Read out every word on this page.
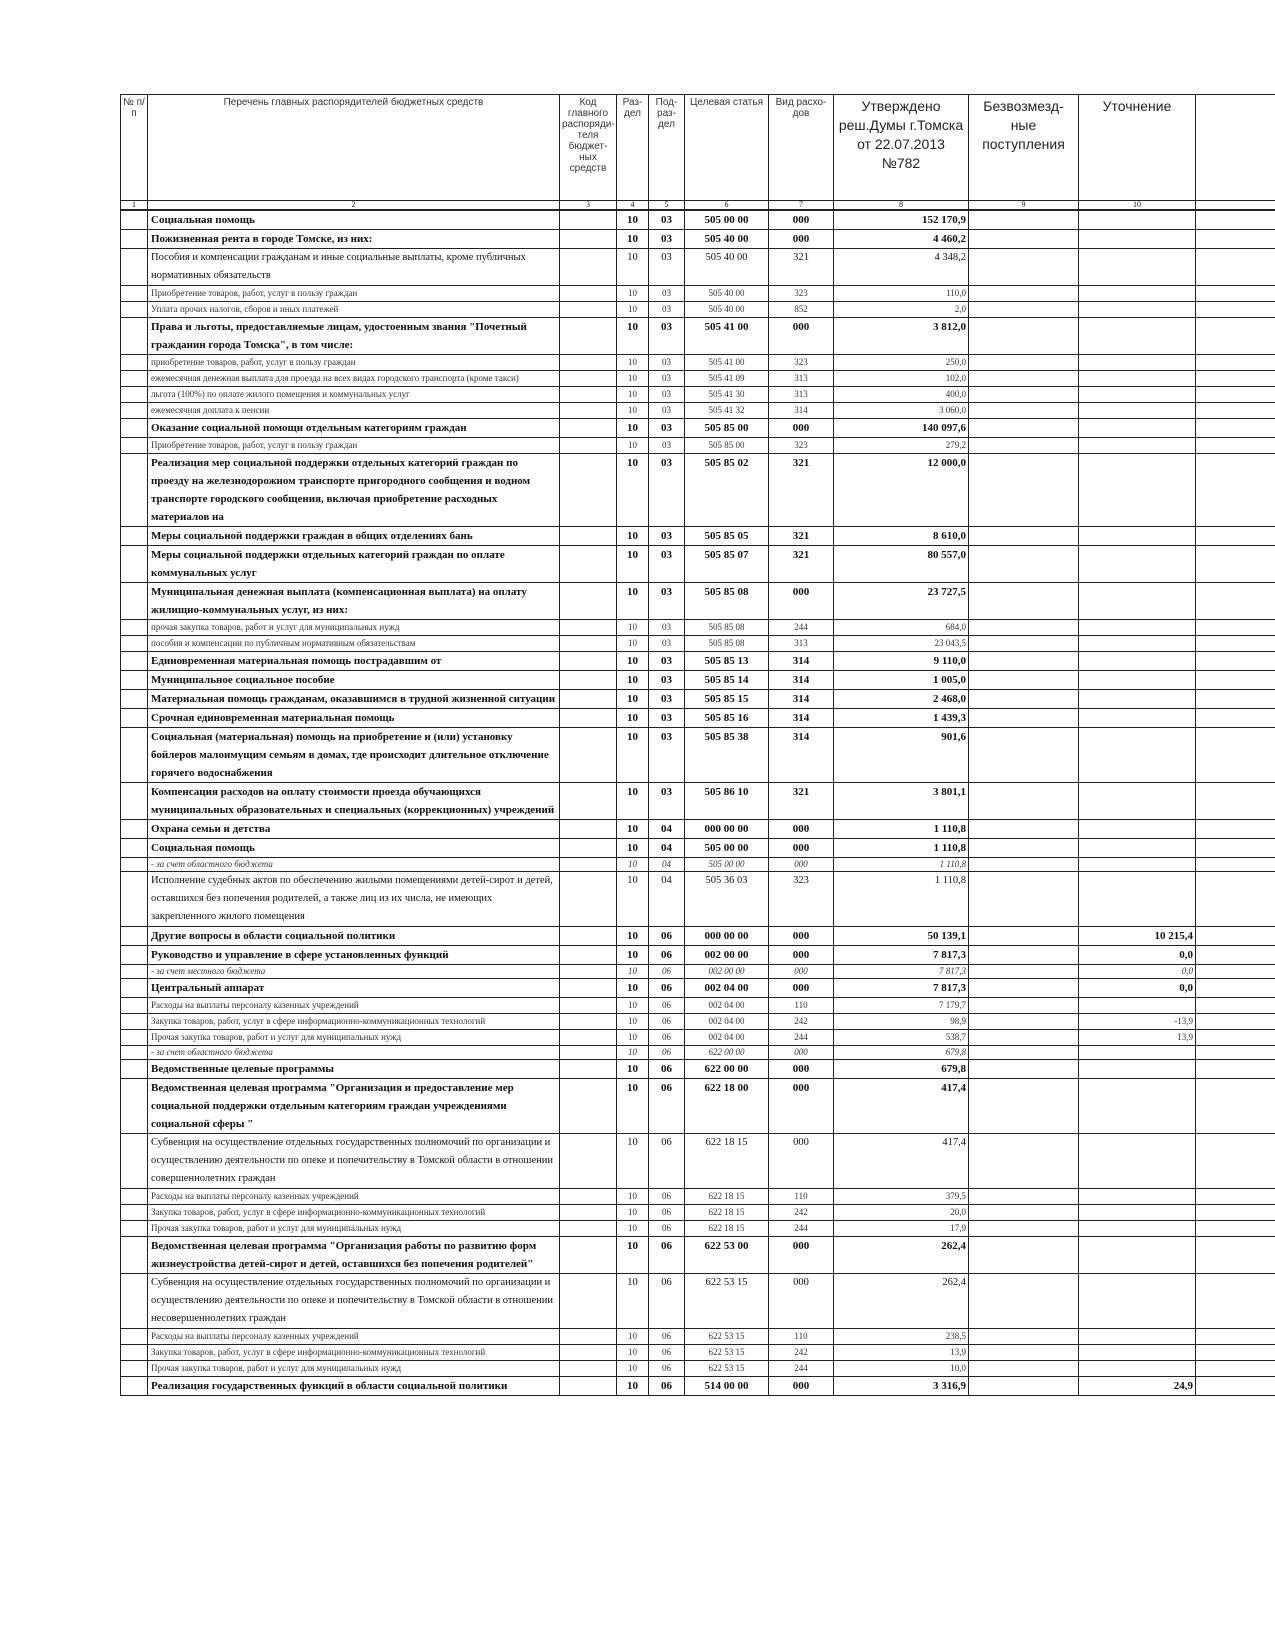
№ п/п	Перечень главных распорядителей бюджетных средств	Код главного распоряди-теля бюджет-ных средств	Раз-дел	Под-раз-дел	Целевая статья	Вид расхо-дов	Утверждено реш.Думы г.Томска от 22.07.2013 №782	Безвозмезд-ные поступления	Уточнение	
1	2	3	4	5	6	7	8	9	10	
	Социальная помощь		10	03	505 00 00	000	152 170,9			
	Пожизненная рента в городе Томске, из них:		10	03	505 40 00	000	4 460,2			
	Пособия и компенсации гражданам и иные социальные выплаты, кроме публичных нормативных обязательств		10	03	505 40 00	321	4 348,2			
	Приобретение товаров, работ, услуг в пользу граждан		10	03	505 40 00	323	110,0			
	Уплата прочих налогов, сборов и иных платежей		10	03	505 40 00	852	2,0			
	Права и льготы, предоставляемые лицам, удостоенным звания "Почетный гражданин города Томска", в том числе:		10	03	505 41 00	000	3 812,0			
	приобретение товаров, работ, услуг в пользу граждан		10	03	505 41 00	323	250,0			
	ежемесячная денежная выплата для проезда на всех видах городского транспорта (кроме такси)		10	03	505 41 09	313	102,0			
	льгота (100%) по оплате жилого помещения и коммунальных услуг		10	03	505 41 30	313	400,0			
	ежемесячная доплата к пенсии		10	03	505 41 32	314	3 060,0			
	Оказание социальной помощи отдельным категориям граждан		10	03	505 85 00	000	140 097,6			
	Приобретение товаров, работ, услуг в пользу граждан		10	03	505 85 00	323	279,2			
	Реализация мер социальной поддержки отдельных категорий граждан по проезду на железнодорожном транспорте пригородного сообщения и водном транспорте городского сообщения, включая приобретение расходных материалов на		10	03	505 85 02	321	12 000,0			
	Меры социальной поддержки граждан в общих отделениях бань		10	03	505 85 05	321	8 610,0			
	Меры социальной поддержки отдельных категорий граждан по оплате коммунальных услуг		10	03	505 85 07	321	80 557,0			
	Муниципальная денежная выплата (компенсационная выплата) на оплату жилищно-коммунальных услуг, из них:		10	03	505 85 08	000	23 727,5			
	прочая закупка товаров, работ и услуг для муниципальных нужд		10	03	505 85 08	244	684,0			
	пособия и компенсации по публичным нормативным обязательствам		10	03	505 85 08	313	23 043,5			
	Единовременная материальная помощь пострадавшим от		10	03	505 85 13	314	9 110,0			
	Муниципальное социальное пособие		10	03	505 85 14	314	1 005,0			
	Материальная помощь гражданам, оказавшимся в трудной жизненной ситуации		10	03	505 85 15	314	2 468,0			
	Срочная единовременная материальная помощь		10	03	505 85 16	314	1 439,3			
	Социальная (материальная) помощь на приобретение и (или) установку бойлеров малоимущим семьям в домах, где происходит длительное отключение горячего водоснабжения		10	03	505 85 38	314	901,6			
	Компенсация расходов на оплату стоимости проезда обучающихся муниципальных образовательных и специальных (коррекционных) учреждений		10	03	505 86 10	321	3 801,1			
	Охрана семьи и детства		10	04	000 00 00	000	1 110,8			
	Социальная помощь		10	04	505 00 00	000	1 110,8			
	- за счет областного бюджета		10	04	505 00 00	000	1 110,8			
	Исполнение судебных актов по обеспечению жилыми помещениями детей-сирот и детей, оставшихся без попечения родителей, а также лиц из их числа, не имеющих закрепленного жилого помещения		10	04	505 36 03	323	1 110,8			
	Другие вопросы в области социальной политики		10	06	000 00 00	000	50 139,1		10 215,4	
	Руководство и управление в сфере установленных функций		10	06	002 00 00	000	7 817,3		0,0	
	- за счет местного бюджета		10	06	002 00 00	000	7 817,3		0,0	
	Центральный аппарат		10	06	002 04 00	000	7 817,3		0,0	
	Расходы на выплаты персоналу казенных учреждений		10	06	002 04 00	110	7 179,7			
	Закупка товаров, работ, услуг в сфере информационно-коммуникационных технологий		10	06	002 04 00	242	98,9		-13,9	
	Прочая закупка товаров, работ и услуг для муниципальных нужд		10	06	002 04 00	244	538,7		13,9	
	- за счет областного бюджета		10	06	622 00 00	000	679,8			
	Ведомственные целевые программы		10	06	622 00 00	000	679,8			
	Ведомственная целевая программа "Организация и предоставление мер социальной поддержки отдельным категориям граждан учреждениями социальной сферы "		10	06	622 18 00	000	417,4			
	Субвенция на осуществление отдельных государственных полномочий по организации и осуществлению деятельности по опеке и попечительству в Томской области в отношении совершеннолетних граждан		10	06	622 18 15	000	417,4			
	Расходы на выплаты персоналу казенных учреждений		10	06	622 18 15	110	379,5			
	Закупка товаров, работ, услуг в сфере информационно-коммуникационных технологий		10	06	622 18 15	242	20,0			
	Прочая закупка товаров, работ и услуг для муниципальных нужд		10	06	622 18 15	244	17,9			
	Ведомственная целевая программа "Организация работы по развитию форм жизнеустройства детей-сирот и детей, оставшихся без попечения родителей"		10	06	622 53 00	000	262,4			
	Субвенция на осуществление отдельных государственных полномочий по организации и осуществлению деятельности по опеке и попечительству в Томской области в отношении несовершеннолетних граждан		10	06	622 53 15	000	262,4			
	Расходы на выплаты персоналу казенных учреждений		10	06	622 53 15	110	238,5			
	Закупка товаров, работ, услуг в сфере информационно-коммуникационных технологий		10	06	622 53 15	242	13,9			
	Прочая закупка товаров, работ и услуг для муниципальных нужд		10	06	622 53 15	244	10,0			
	Реализация государственных функций в области социальной политики		10	06	514 00 00	000	3 316,9		24,9	
